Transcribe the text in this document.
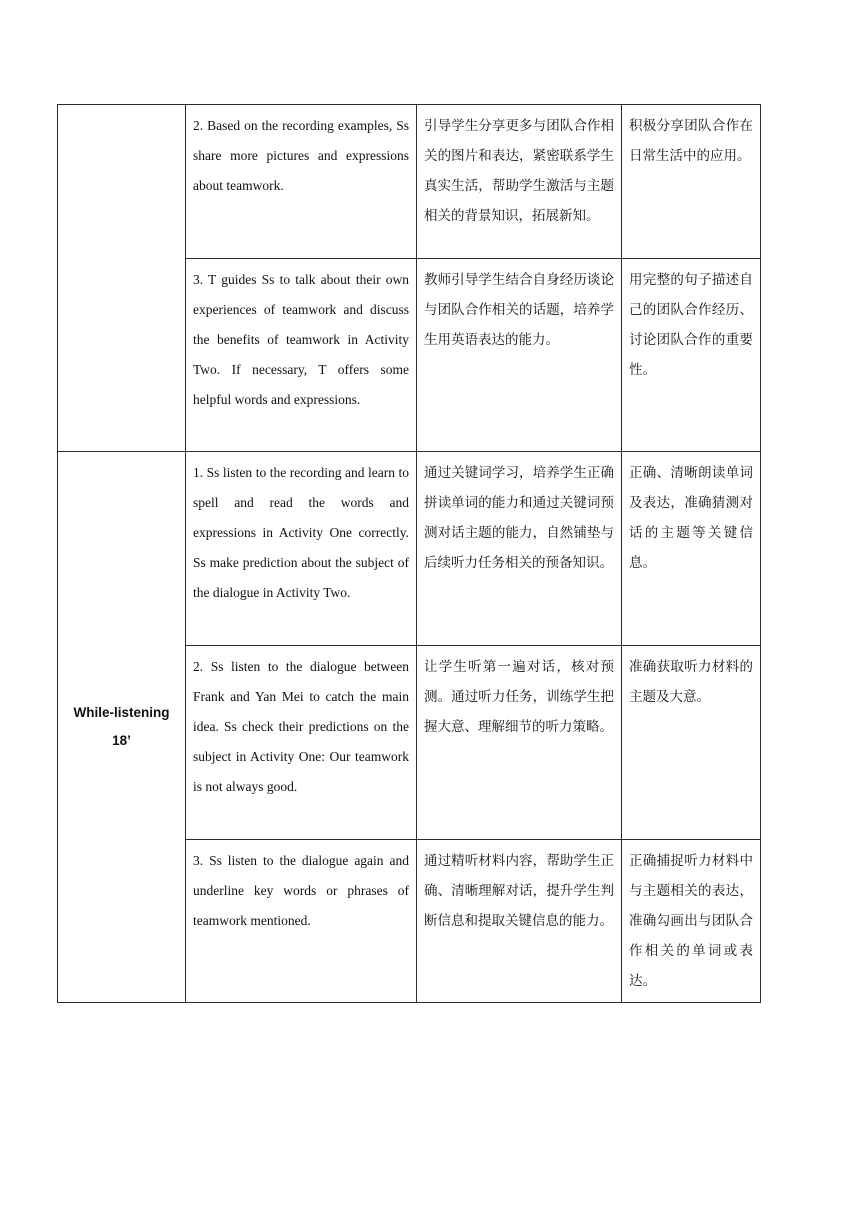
	2. Based on the recording examples, Ss share more pictures and expressions about teamwork.	引导学生分享更多与团队合作相关的图片和表达，紧密联系学生真实生活，帮助学生激活与主题相关的背景知识，拓展新知。	积极分享团队合作在日常生活中的应用。
	3. T guides Ss to talk about their own experiences of teamwork and discuss the benefits of teamwork in Activity Two. If necessary, T offers some helpful words and expressions.	教师引导学生结合自身经历谈论与团队合作相关的话题，培养学生用英语表达的能力。	用完整的句子描述自己的团队合作经历、讨论团队合作的重要性。

While-listening
18’	1. Ss listen to the recording and learn to spell and read the words and expressions in Activity One correctly. Ss make prediction about the subject of the dialogue in Activity Two.	通过关键词学习，培养学生正确拼读单词的能力和通过关键词预测对话主题的能力，自然铺垫与后续听力任务相关的预备知识。	正确、清晰朗读单词及表达，准确猜测对话的主题等关键信息。
	2. Ss listen to the dialogue between Frank and Yan Mei to catch the main idea. Ss check their predictions on the subject in Activity One: Our teamwork is not always good.	让学生听第一遍对话，核对预测。通过听力任务，训练学生把握大意、理解细节的听力策略。	准确获取听力材料的主题及大意。
	3. Ss listen to the dialogue again and underline key words or phrases of teamwork mentioned.	通过精听材料内容，帮助学生正确、清晰理解对话，提升学生判断信息和提取关键信息的能力。	正确捕捉听力材料中与主题相关的表达，准确勾画出与团队合作相关的单词或表达。
